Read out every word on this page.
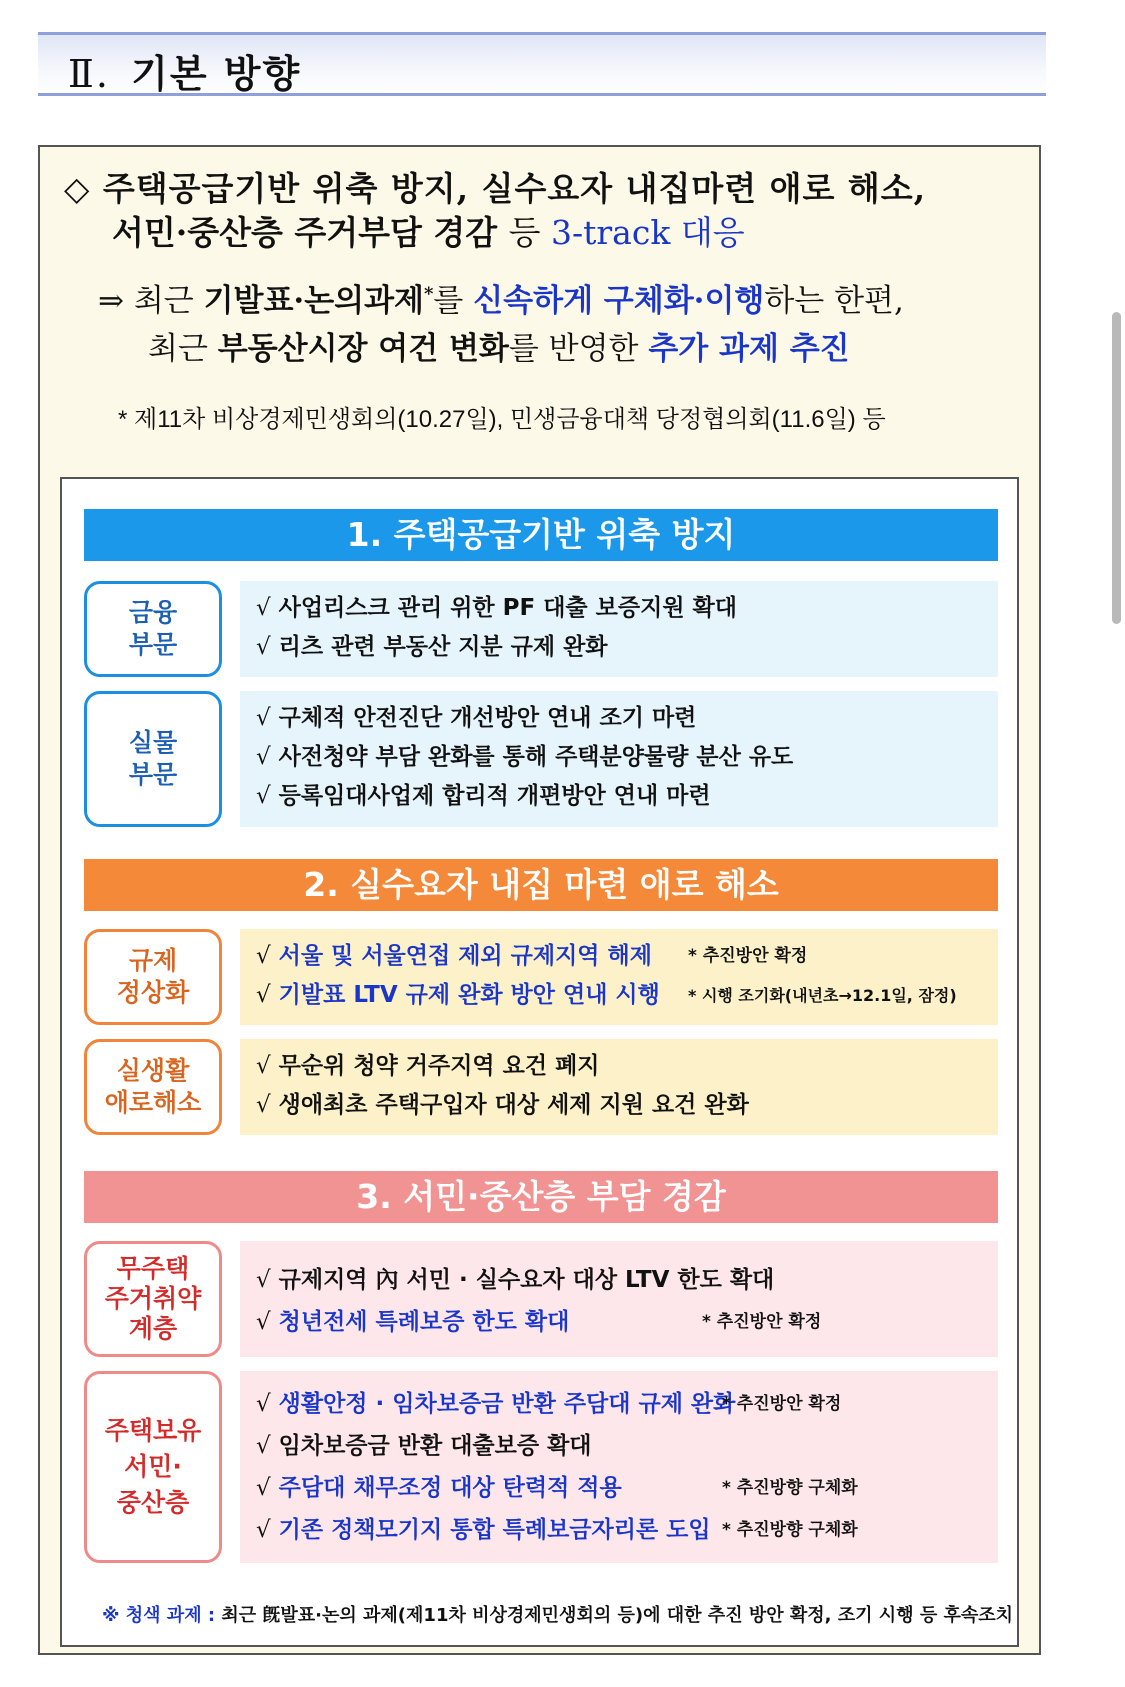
Ⅱ. 기본 방향
◇ 주택공급기반 위축 방지, 실수요자 내집마련 애로 해소,
서민·중산층 주거부담 경감 등 3-track 대응
⇒ 최근 기발표·논의과제*를 신속하게 구체화·이행하는 한편,
최근 부동산시장 여건 변화를 반영한 추가 과제 추진
* 제11차 비상경제민생회의(10.27일), 민생금융대책 당정협의회(11.6일) 등
1. 주택공급기반 위축 방지
금융
부문
√ 사업리스크 관리 위한 PF 대출 보증지원 확대
√ 리츠 관련 부동산 지분 규제 완화
실물
부문
√ 구체적 안전진단 개선방안 연내 조기 마련
√ 사전청약 부담 완화를 통해 주택분양물량 분산 유도
√ 등록임대사업제 합리적 개편방안 연내 마련
2. 실수요자 내집 마련 애로 해소
규제
정상화
√ 서울 및 서울연접 제외 규제지역 해제 * 추진방안 확정
√ 기발표 LTV 규제 완화 방안 연내 시행 * 시행 조기화(내년초→12.1일, 잠정)
실생활
애로해소
√ 무순위 청약 거주지역 요건 폐지
√ 생애최초 주택구입자 대상 세제 지원 요건 완화
3. 서민·중산층 부담 경감
무주택
주거취약
계층
√ 규제지역 內 서민 · 실수요자 대상 LTV 한도 확대
√ 청년전세 특례보증 한도 확대	* 추진방안 확정
주택보유
서민·
중산층
√ 생활안정 · 임차보증금 반환 주담대 규제 완화
* 추진방안 확정
√ 임차보증금 반환 대출보증 확대
√ 주담대 채무조정 대상 탄력적 적용	* 추진방향 구체화
√ 기존 정책모기지 통합 특례보금자리론 도입 * 추진방향 구체화
※ 청색 과제 : 최근 旣발표·논의 과제(제11차 비상경제민생회의 등)에 대한 추진 방안 확정, 조기 시행 등 후속조치
